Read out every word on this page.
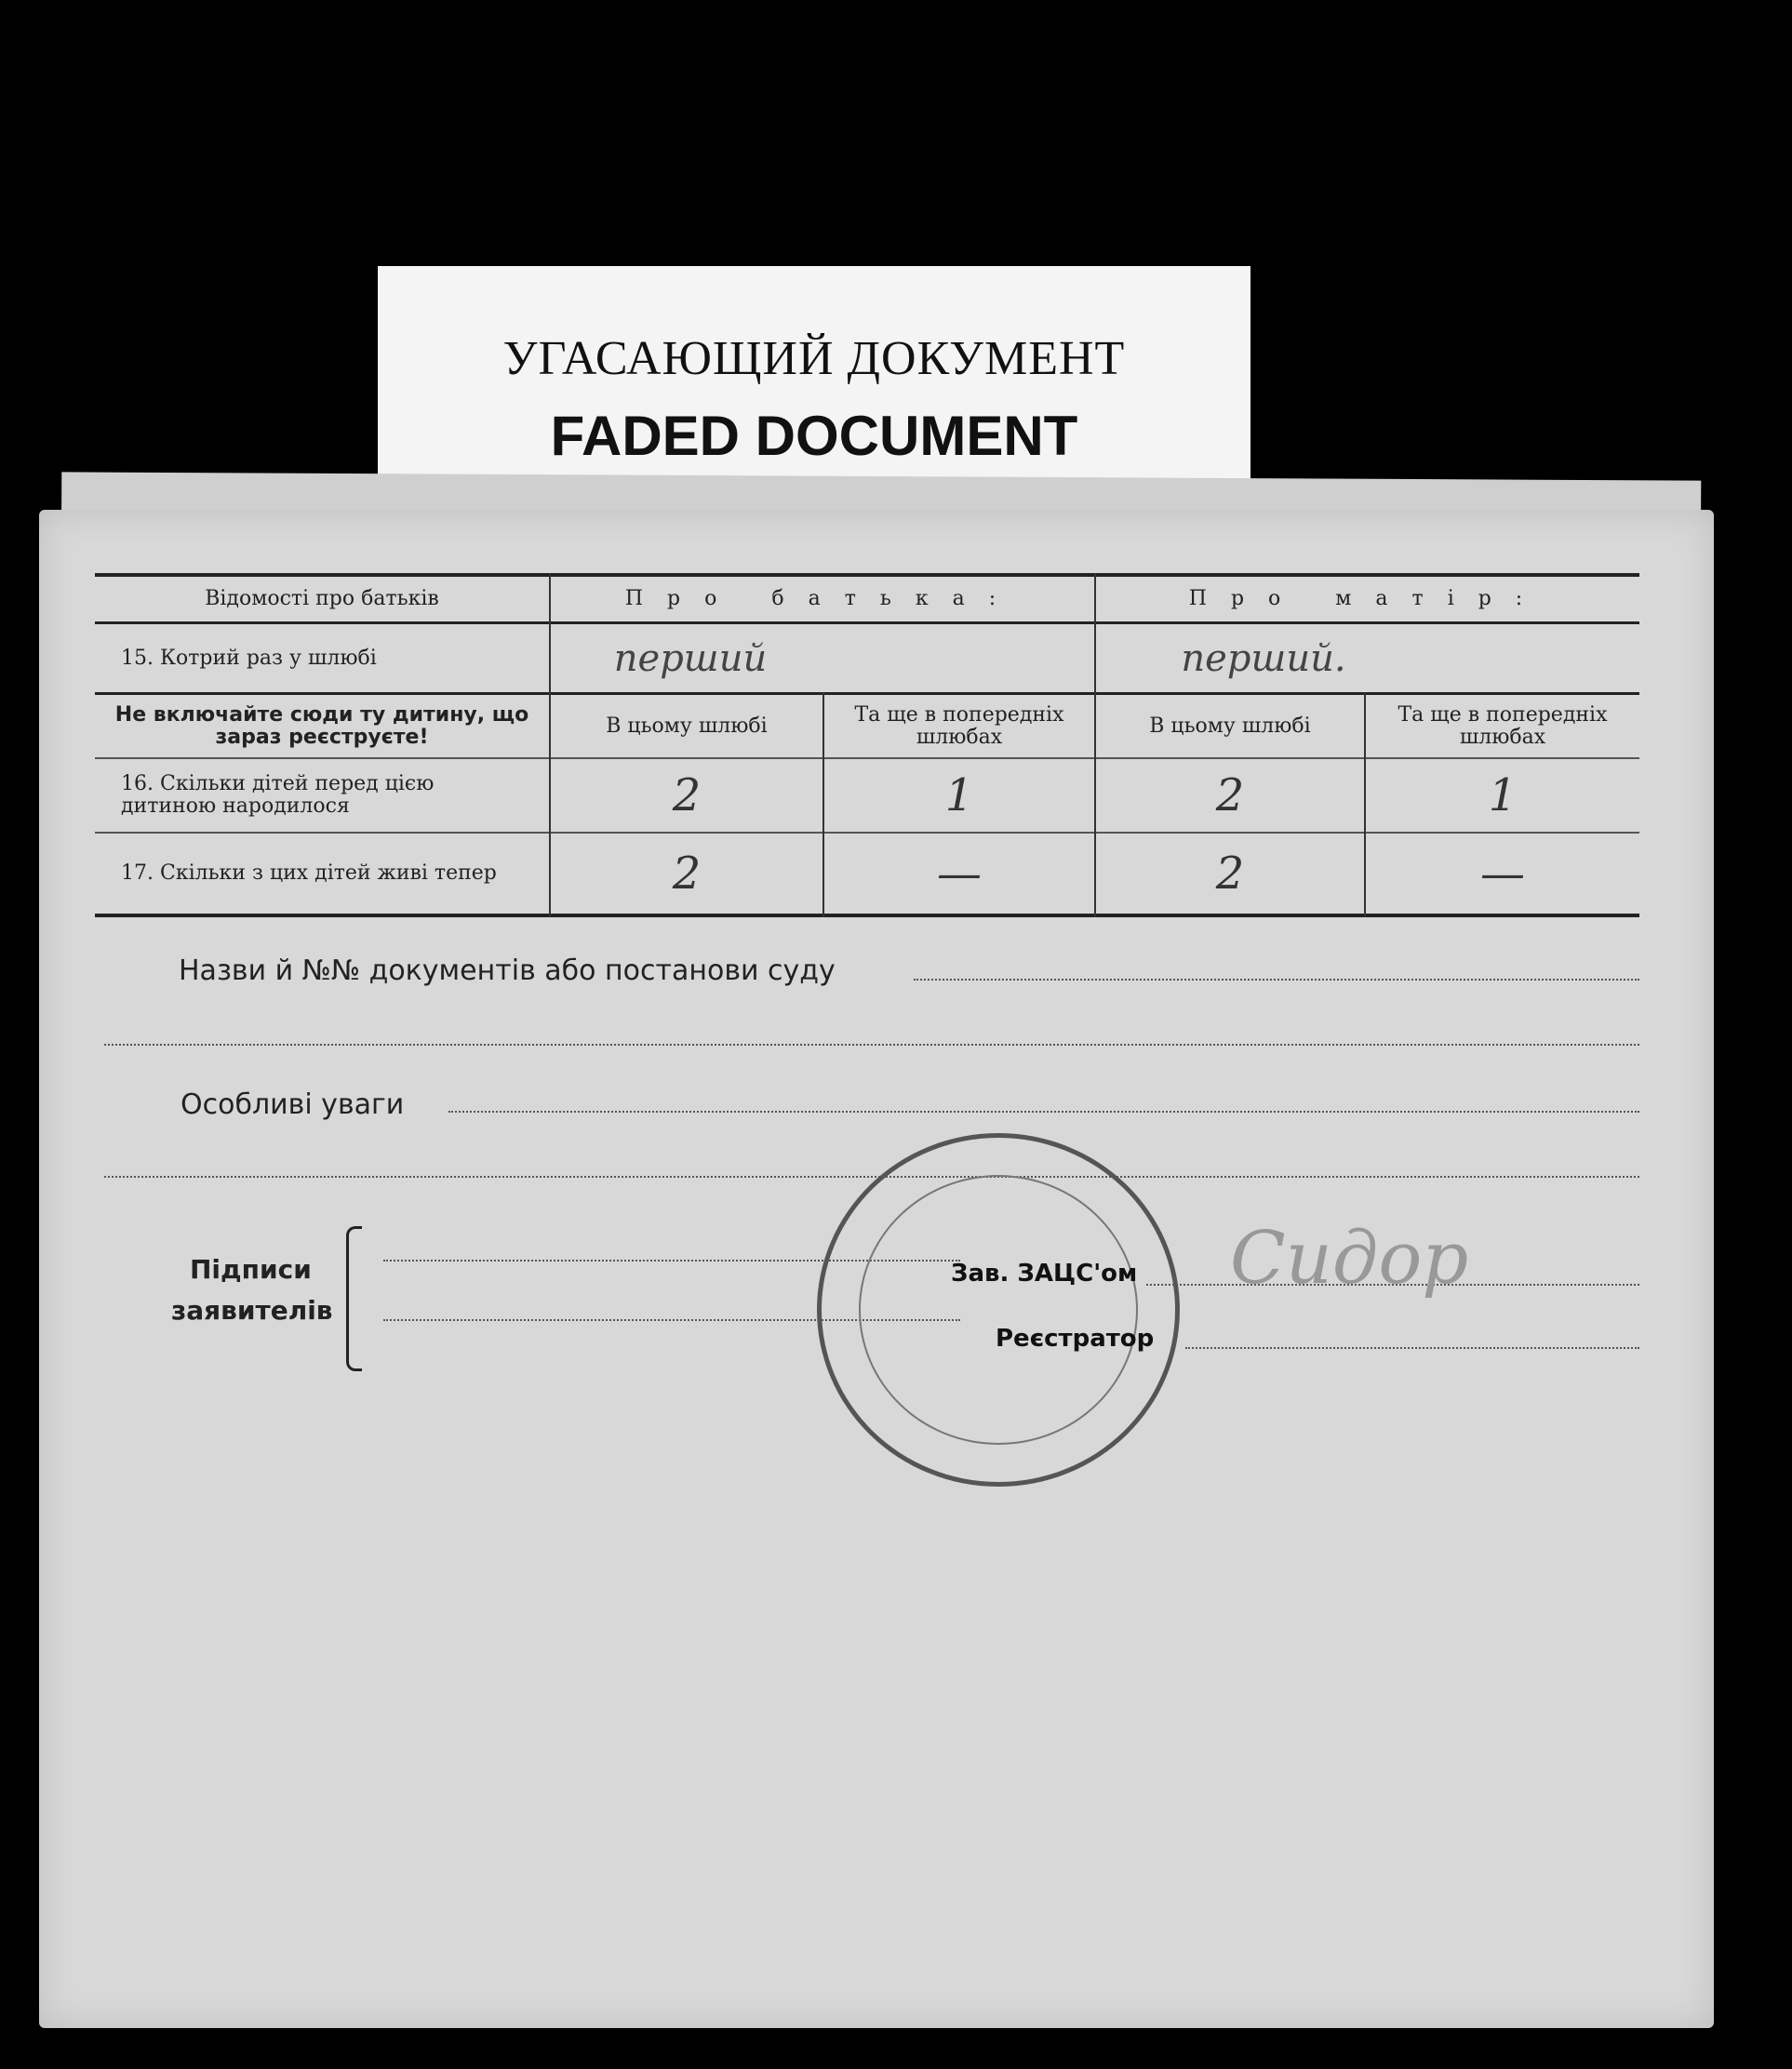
УГАСАЮЩИЙ ДОКУМЕНТ
FADED DOCUMENT
Відомості про батьків	Про батька:	Про матір:
15. Котрий раз у шлюбі	перший	перший.
Не включайте сюди ту дитину, що зараз реєструєте!	В цьому шлюбі	Та ще в попередніх шлюбах	В цьому шлюбі	Та ще в попередніх шлюбах
16. Скільки дітей перед цією дитиною народилося	2	1	2	1
17. Скільки з цих дітей живі тепер	2	—	2	—
Назви й №№ документів або постанови суду
Особливі уваги
Підписи
заявителів
Зав. ЗАЦС'ом
Реєстратор
Сидор
